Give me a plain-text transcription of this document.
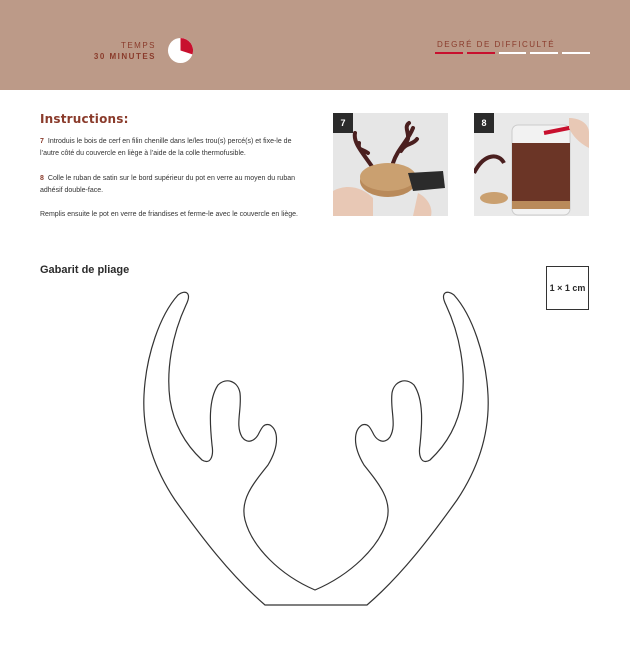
TEMPS
30 MINUTES
DEGRÉ DE DIFFICULTÉ
Instructions:
7 Introduis le bois de cerf en filin chenille dans le/les trou(s) percé(s) et fixe-le de l’autre côté du couvercle en liège à l’aide de la colle thermofusible.
8 Colle le ruban de satin sur le bord supérieur du pot en verre au moyen du ruban adhésif double-face.
Remplis ensuite le pot en verre de friandises et ferme-le avec le couvercle en liège.
7	8
Gabarit de pliage
1 × 1 cm
